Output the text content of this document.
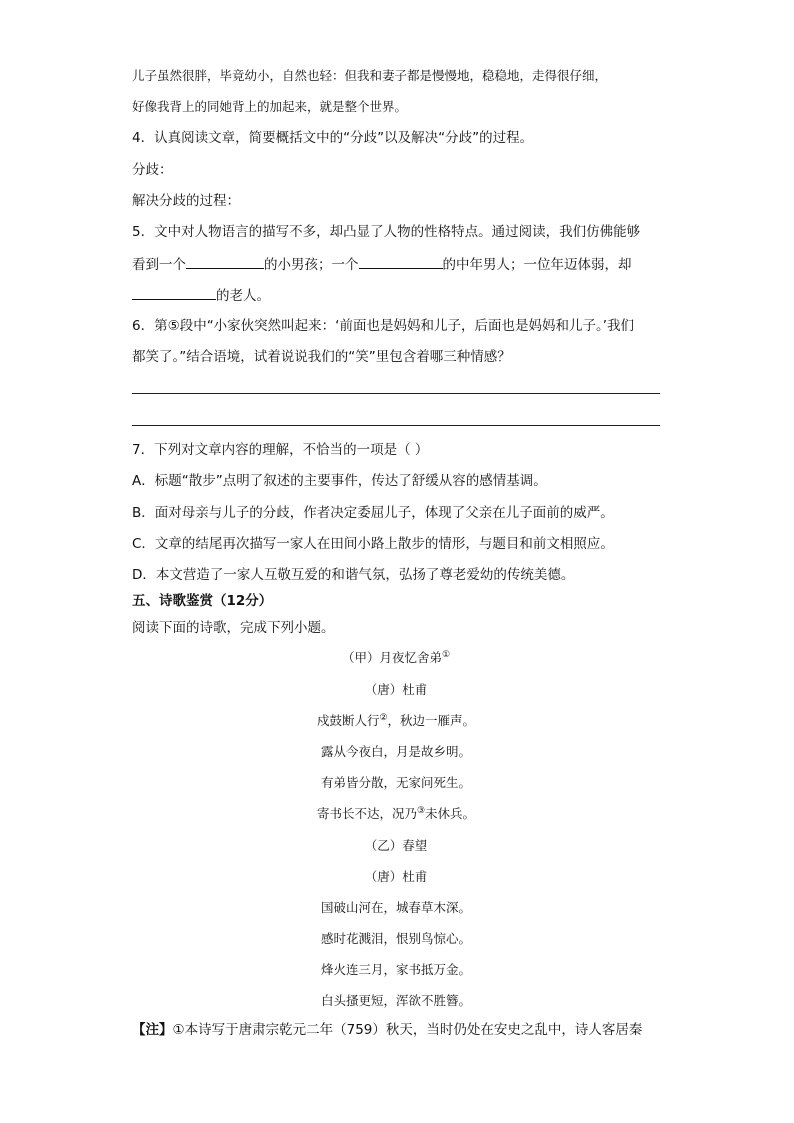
儿子虽然很胖，毕竟幼小，自然也轻：但我和妻子都是慢慢地，稳稳地，走得很仔细，
好像我背上的同她背上的加起来，就是整个世界。
4．认真阅读文章，简要概括文中的“分歧”以及解决“分歧”的过程。
分歧：
解决分歧的过程：
5．文中对人物语言的描写不多，却凸显了人物的性格特点。通过阅读，我们仿佛能够
看到一个	的小男孩；一个	的中年男人；一位年迈体弱，却
的老人。
6．第⑤段中“小家伙突然叫起来：‘前面也是妈妈和儿子，后面也是妈妈和儿子。’我们
都笑了。”结合语境，试着说说我们的“笑”里包含着哪三种情感？
7．下列对文章内容的理解，不恰当的一项是（ ）
A．标题“散步”点明了叙述的主要事件，传达了舒缓从容的感情基调。
B．面对母亲与儿子的分歧，作者决定委屈儿子，体现了父亲在儿子面前的威严。
C．文章的结尾再次描写一家人在田间小路上散步的情形，与题目和前文相照应。
D．本文营造了一家人互敬互爱的和谐气氛，弘扬了尊老爱幼的传统美德。
五、诗歌鉴赏（12分）
阅读下面的诗歌，完成下列小题。
（甲）月夜忆舍弟①
（唐）杜甫
戍鼓断人行②，秋边一雁声。
露从今夜白，月是故乡明。
有弟皆分散，无家问死生。
寄书长不达，况乃③未休兵。
（乙）春望
（唐）杜甫
国破山河在，城春草木深。
感时花溅泪，恨别鸟惊心。
烽火连三月，家书抵万金。
白头搔更短，浑欲不胜簪。
【注】①本诗写于唐肃宗乾元二年（759）秋天，当时仍处在安史之乱中，诗人客居秦
